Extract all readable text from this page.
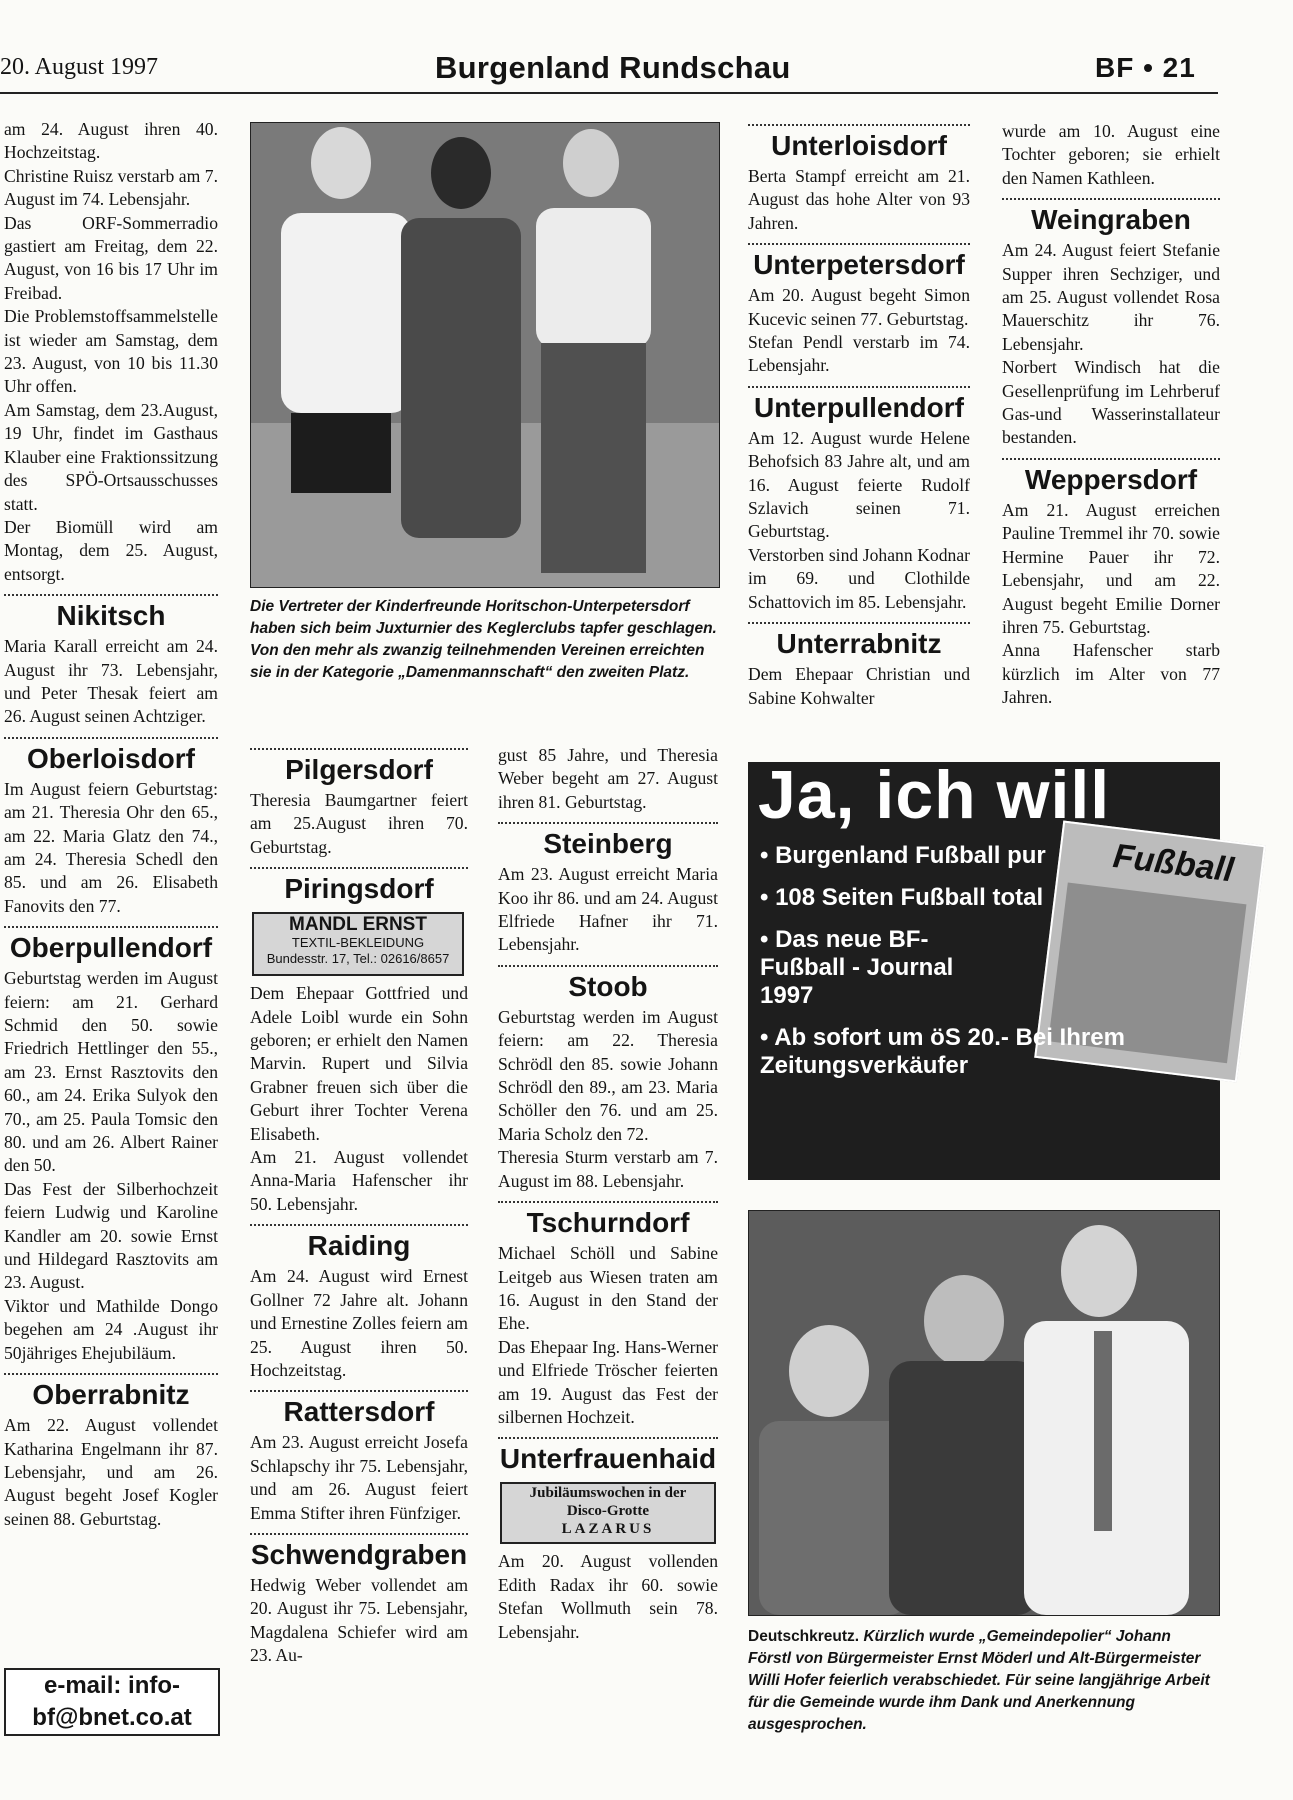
20. August 1997	Burgenland Rundschau	BF • 21

am 24. August ihren 40. Hochzeitstag.

Christine Ruisz verstarb am 7. August im 74. Lebensjahr.

Das ORF-Sommerradio gastiert am Freitag, dem 22. August, von 16 bis 17 Uhr im Freibad.

Die Problemstoffsammelstelle ist wieder am Samstag, dem 23. August, von 10 bis 11.30 Uhr offen.

Am Samstag, dem 23.August, 19 Uhr, findet im Gasthaus Klauber eine Fraktionssitzung des SPÖ-Ortsausschusses statt.

Der Biomüll wird am Montag, dem 25. August, entsorgt.

Nikitsch

Maria Karall erreicht am 24. August ihr 73. Lebensjahr, und Peter Thesak feiert am 26. August seinen Achtziger.

Oberloisdorf

Im August feiern Geburtstag: am 21. Theresia Ohr den 65., am 22. Maria Glatz den 74., am 24. Theresia Schedl den 85. und am 26. Elisabeth Fanovits den 77.

Oberpullendorf

Geburtstag werden im August feiern: am 21. Gerhard Schmid den 50. sowie Friedrich Hettlinger den 55., am 23. Ernst Rasztovits den 60., am 24. Erika Sulyok den 70., am 25. Paula Tomsic den 80. und am 26. Albert Rainer den 50.

Das Fest der Silberhochzeit feiern Ludwig und Karoline Kandler am 20. sowie Ernst und Hildegard Rasztovits am 23. August.

Viktor und Mathilde Dongo begehen am 24 .August ihr 50jähriges Ehejubiläum.

Oberrabnitz

Am 22. August vollendet Katharina Engelmann ihr 87. Lebensjahr, und am 26. August begeht Josef Kogler seinen 88. Geburtstag.

e-mail: info-bf@bnet.co.at
Die Vertreter der Kinderfreunde Horitschon-Unterpetersdorf haben sich beim Juxturnier des Keglerclubs tapfer geschlagen. Von den mehr als zwanzig teilnehmenden Vereinen erreichten sie in der Kategorie „Damenmannschaft“ den zweiten Platz.
Pilgersdorf

Theresia Baumgartner feiert am 25.August ihren 70. Geburtstag.

Piringsdorf
MANDL ERNST
TEXTIL-BEKLEIDUNG
Bundesstr. 17, Tel.: 02616/8657

Dem Ehepaar Gottfried und Adele Loibl wurde ein Sohn geboren; er erhielt den Namen Marvin. Rupert und Silvia Grabner freuen sich über die Geburt ihrer Tochter Verena Elisabeth.

Am 21. August vollendet Anna-Maria Hafenscher ihr 50. Lebensjahr.

Raiding

Am 24. August wird Ernest Gollner 72 Jahre alt. Johann und Ernestine Zolles feiern am 25. August ihren 50. Hochzeitstag.

Rattersdorf

Am 23. August erreicht Josefa Schlapschy ihr 75. Lebensjahr, und am 26. August feiert Emma Stifter ihren Fünfziger.

Schwendgraben

Hedwig Weber vollendet am 20. August ihr 75. Lebensjahr, Magdalena Schiefer wird am 23. Au-

gust 85 Jahre, und Theresia Weber begeht am 27. August ihren 81. Geburtstag.

Steinberg

Am 23. August erreicht Maria Koo ihr 86. und am 24. August Elfriede Hafner ihr 71. Lebensjahr.

Stoob

Geburtstag werden im August feiern: am 22. Theresia Schrödl den 85. sowie Johann Schrödl den 89., am 23. Maria Schöller den 76. und am 25. Maria Scholz den 72.

Theresia Sturm verstarb am 7. August im 88. Lebensjahr.

Tschurndorf

Michael Schöll und Sabine Leitgeb aus Wiesen traten am 16. August in den Stand der Ehe.

Das Ehepaar Ing. Hans-Werner und Elfriede Tröscher feierten am 19. August das Fest der silbernen Hochzeit.

Unterfrauenhaid
Jubiläumswochen in der
Disco-Grotte
LAZARUS

Am 20. August vollenden Edith Radax ihr 60. sowie Stefan Wollmuth sein 78. Lebensjahr.

Unterloisdorf

Berta Stampf erreicht am 21. August das hohe Alter von 93 Jahren.

Unterpetersdorf

Am 20. August begeht Simon Kucevic seinen 77. Geburtstag.

Stefan Pendl verstarb im 74. Lebensjahr.

Unterpullendorf

Am 12. August wurde Helene Behofsich 83 Jahre alt, und am 16. August feierte Rudolf Szlavich seinen 71. Geburtstag.

Verstorben sind Johann Kodnar im 69. und Clothilde Schattovich im 85. Lebensjahr.

Unterrabnitz

Dem Ehepaar Christian und Sabine Kohwalter

wurde am 10. August eine Tochter geboren; sie erhielt den Namen Kathleen.

Weingraben

Am 24. August feiert Stefanie Supper ihren Sechziger, und am 25. August vollendet Rosa Mauerschitz ihr 76. Lebensjahr.

Norbert Windisch hat die Gesellenprüfung im Lehrberuf Gas-und Wasserinstallateur bestanden.

Weppersdorf

Am 21. August erreichen Pauline Tremmel ihr 70. sowie Hermine Pauer ihr 72. Lebensjahr, und am 22. August begeht Emilie Dorner ihren 75. Geburtstag.

Anna Hafenscher starb kürzlich im Alter von 77 Jahren.

Fußball
Ja, ich will
• Burgenland Fußball pur
• 108 Seiten Fußball total
• Das neue BF-Fußball - Journal 1997
• Ab sofort um öS 20.- Bei Ihrem Zeitungsverkäufer
Deutschkreutz. Kürzlich wurde „Gemeindepolier“ Johann Förstl von Bürgermeister Ernst Möderl und Alt-Bürgermeister Willi Hofer feierlich verabschiedet. Für seine langjährige Arbeit für die Gemeinde wurde ihm Dank und Anerkennung ausgesprochen.
